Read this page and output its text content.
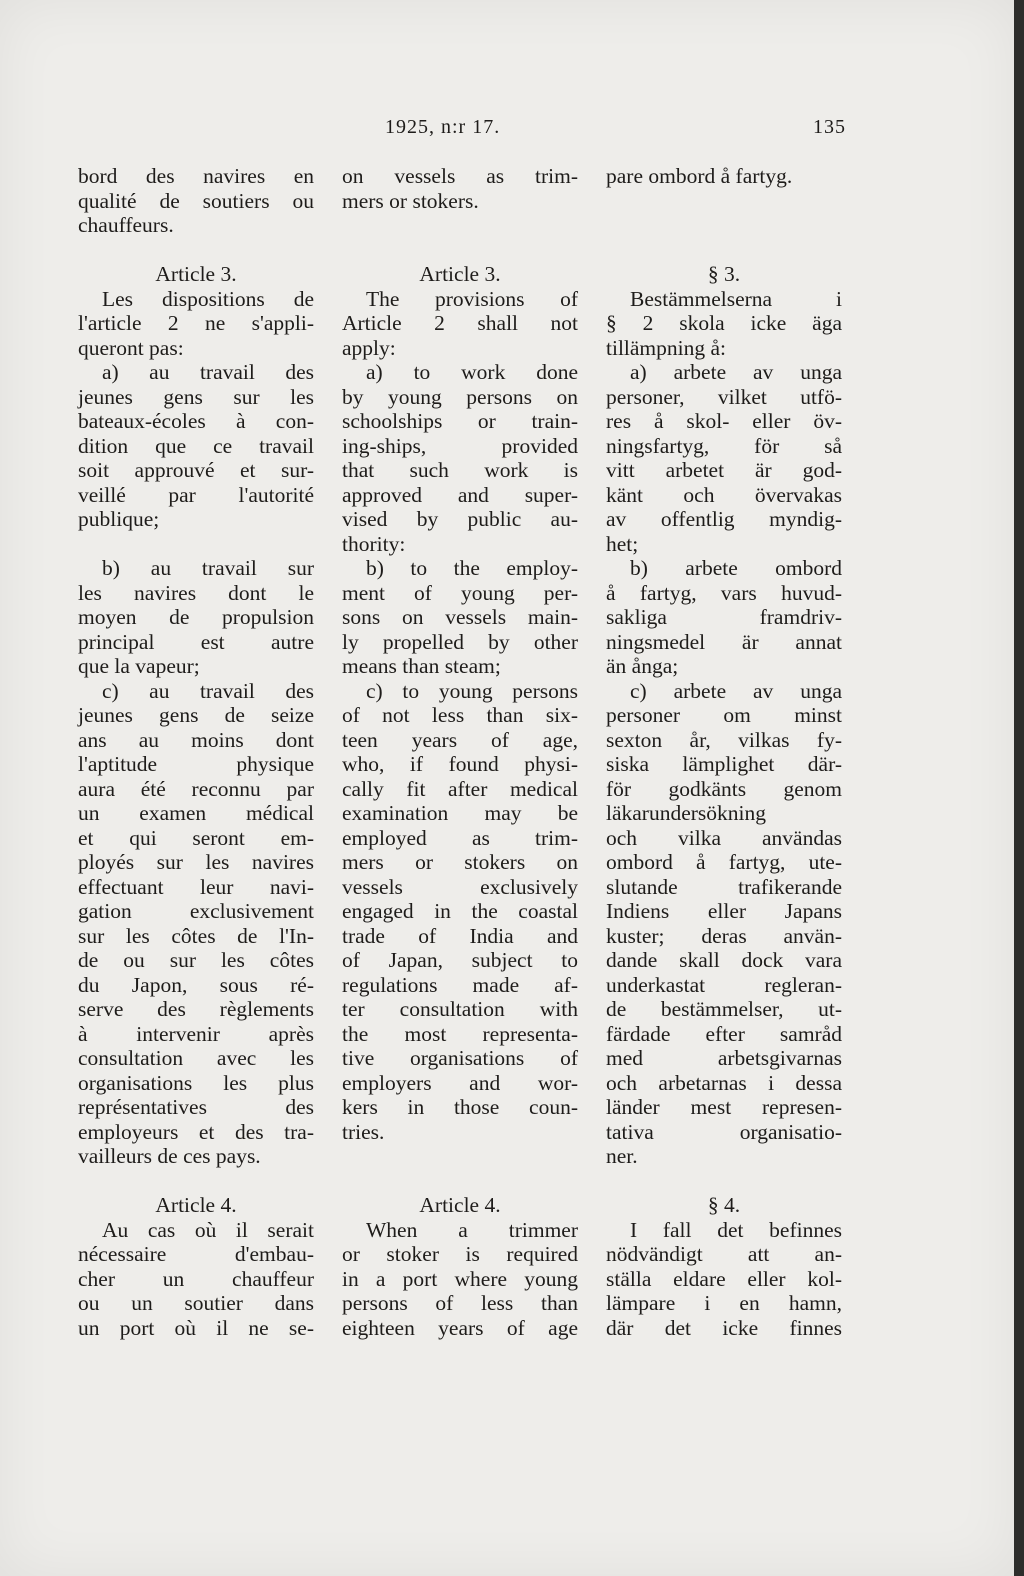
1925, n:r 17.	135
bord des navires en
qualité de soutiers ou
chauffeurs.
Article 3.
Les dispositions de
l'article 2 ne s'appli-
queront pas:
a) au travail des
jeunes gens sur les
bateaux-écoles à con-
dition que ce travail
soit approuvé et sur-
veillé par l'autorité
publique;
b) au travail sur
les navires dont le
moyen de propulsion
principal est autre
que la vapeur;
c) au travail des
jeunes gens de seize
ans au moins dont
l'aptitude physique
aura été reconnu par
un examen médical
et qui seront em-
ployés sur les navires
effectuant leur navi-
gation exclusivement
sur les côtes de l'In-
de ou sur les côtes
du Japon, sous ré-
serve des règlements
à intervenir après
consultation avec les
organisations les plus
représentatives des
employeurs et des tra-
vailleurs de ces pays.
Article 4.
Au cas où il serait
nécessaire d'embau-
cher un chauffeur
ou un soutier dans
un port où il ne se-
on vessels as trim-
mers or stokers.
Article 3.
The provisions of
Article 2 shall not
apply:
a) to work done
by young persons on
schoolships or train-
ing-ships, provided
that such work is
approved and super-
vised by public au-
thority:
b) to the employ-
ment of young per-
sons on vessels main-
ly propelled by other
means than steam;
c) to young persons
of not less than six-
teen years of age,
who, if found physi-
cally fit after medical
examination may be
employed as trim-
mers or stokers on
vessels exclusively
engaged in the coastal
trade of India and
of Japan, subject to
regulations made af-
ter consultation with
the most representa-
tive organisations of
employers and wor-
kers in those coun-
tries.
Article 4.
When a trimmer
or stoker is required
in a port where young
persons of less than
eighteen years of age
pare ombord å fartyg.
§ 3.
Bestämmelserna i
§ 2 skola icke äga
tillämpning å:
a) arbete av unga
personer, vilket utfö-
res å skol- eller öv-
ningsfartyg, för så
vitt arbetet är god-
känt och övervakas
av offentlig myndig-
het;
b) arbete ombord
å fartyg, vars huvud-
sakliga framdriv-
ningsmedel är annat
än ånga;
c) arbete av unga
personer om minst
sexton år, vilkas fy-
siska lämplighet där-
för godkänts genom
läkarundersökning
och vilka användas
ombord å fartyg, ute-
slutande trafikerande
Indiens eller Japans
kuster; deras använ-
dande skall dock vara
underkastat regleran-
de bestämmelser, ut-
färdade efter samråd
med arbetsgivarnas
och arbetarnas i dessa
länder mest represen-
tativa organisatio-
ner.
§ 4.
I fall det befinnes
nödvändigt att an-
ställa eldare eller kol-
lämpare i en hamn,
där det icke finnes
